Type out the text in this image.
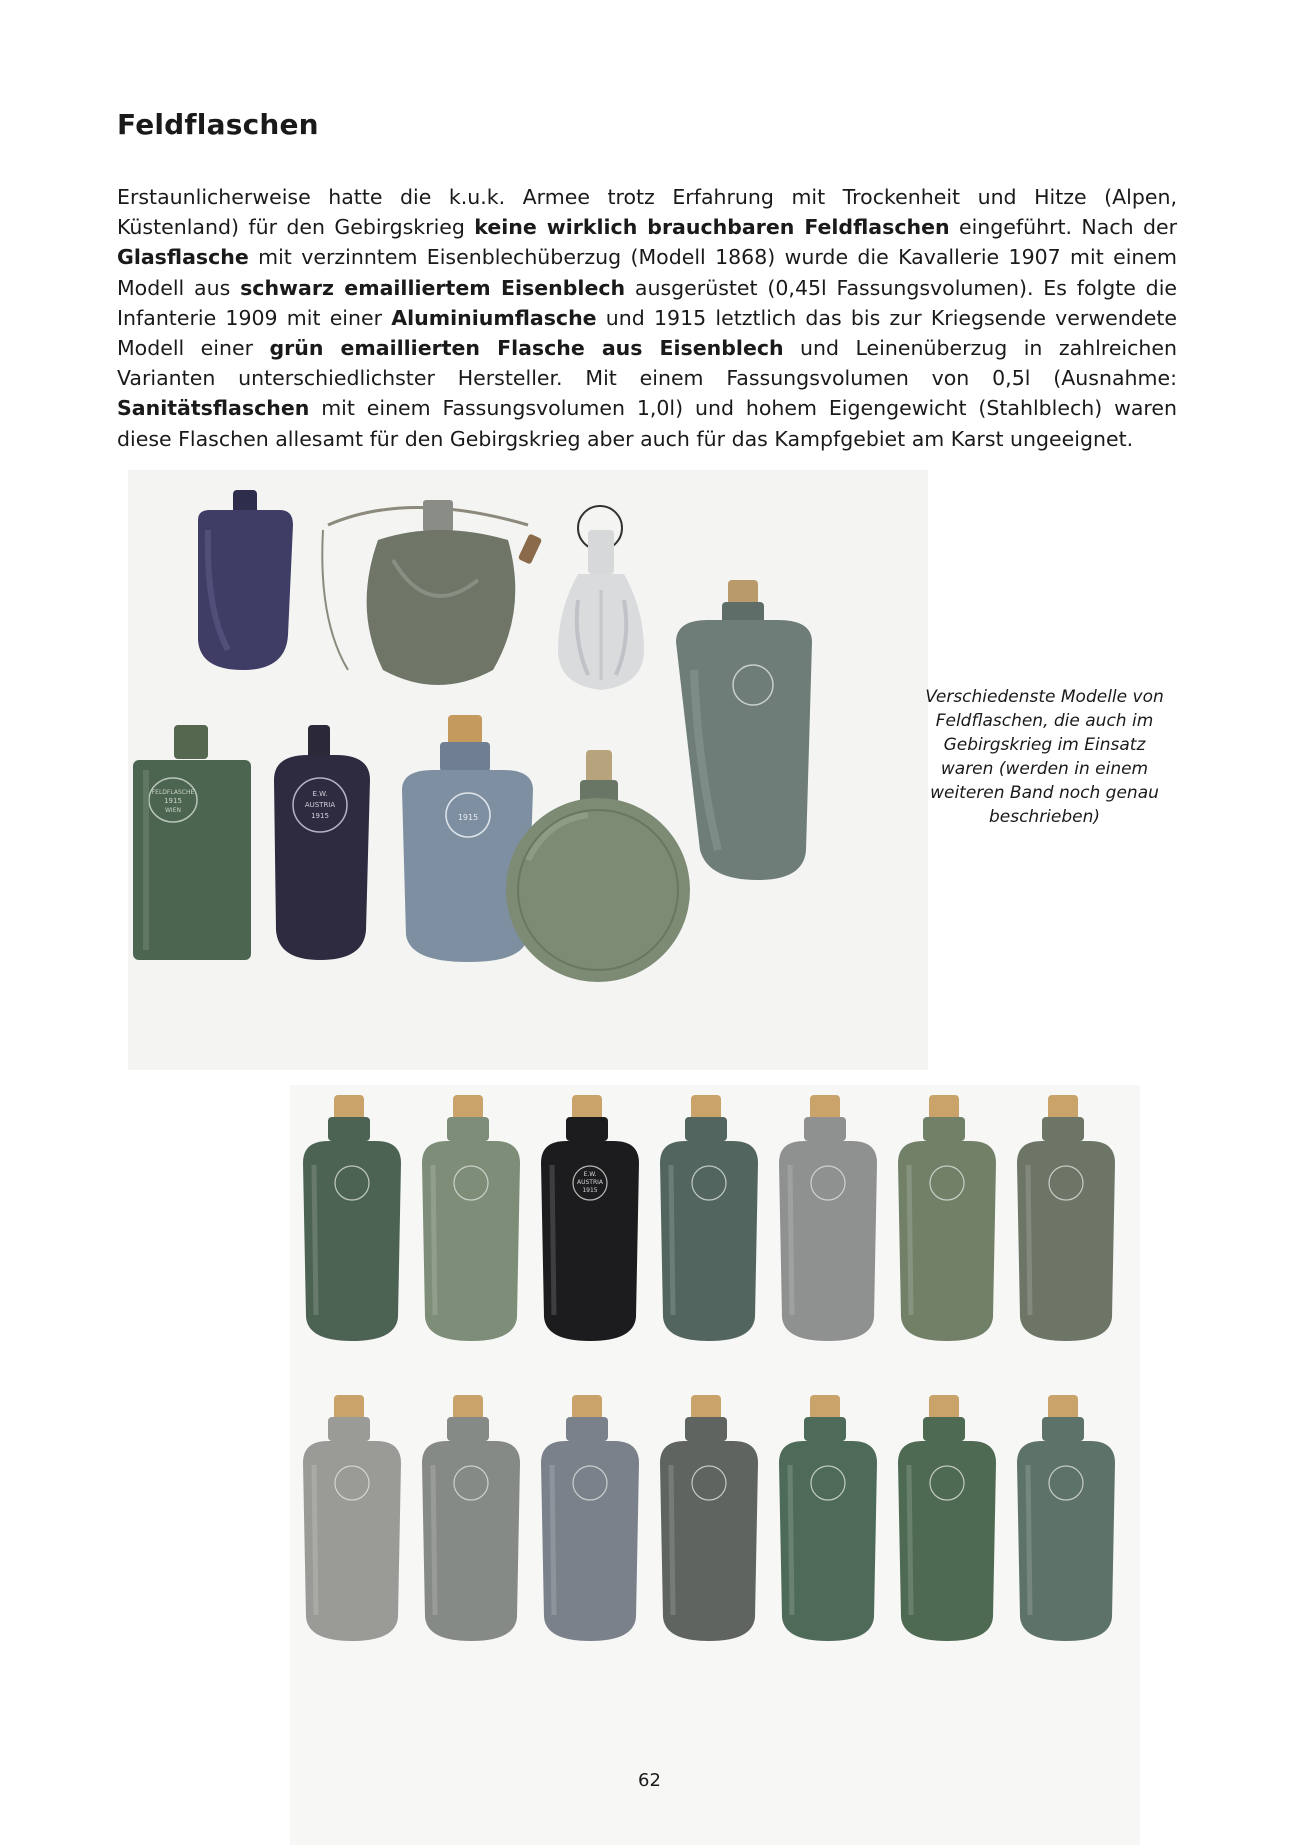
Feldflaschen

Erstaunlicherweise hatte die k.u.k. Armee trotz Erfahrung mit Trockenheit und Hitze (Alpen, Küstenland) für den Gebirgskrieg keine wirklich brauchbaren Feldflaschen eingeführt. Nach der Glasflasche mit verzinntem Eisenblechüberzug (Modell 1868) wurde die Kavallerie 1907 mit einem Modell aus schwarz emailliertem Eisenblech ausgerüstet (0,45l Fassungsvolumen). Es folgte die Infanterie 1909 mit einer Aluminiumflasche und 1915 letztlich das bis zur Kriegsende verwendete Modell einer grün emaillierten Flasche aus Eisenblech und Leinenüberzug in zahlreichen Varianten unterschiedlichster Hersteller. Mit einem Fassungsvolumen von 0,5l (Ausnahme: Sanitätsflaschen mit einem Fassungsvolumen 1,0l) und hohem Eigengewicht (Stahlblech) waren diese Flaschen allesamt für den Gebirgskrieg aber auch für das Kampfgebiet am Karst ungeeignet.

FELDFLASCHE
1915
WIEN
E.W.
AUSTRIA
1915	1915

Verschiedenste Modelle von Feldflaschen, die auch im Gebirgskrieg im Einsatz waren (werden in einem weiteren Band noch genau beschrieben)

E.W.
AUSTRIA
1915
62
